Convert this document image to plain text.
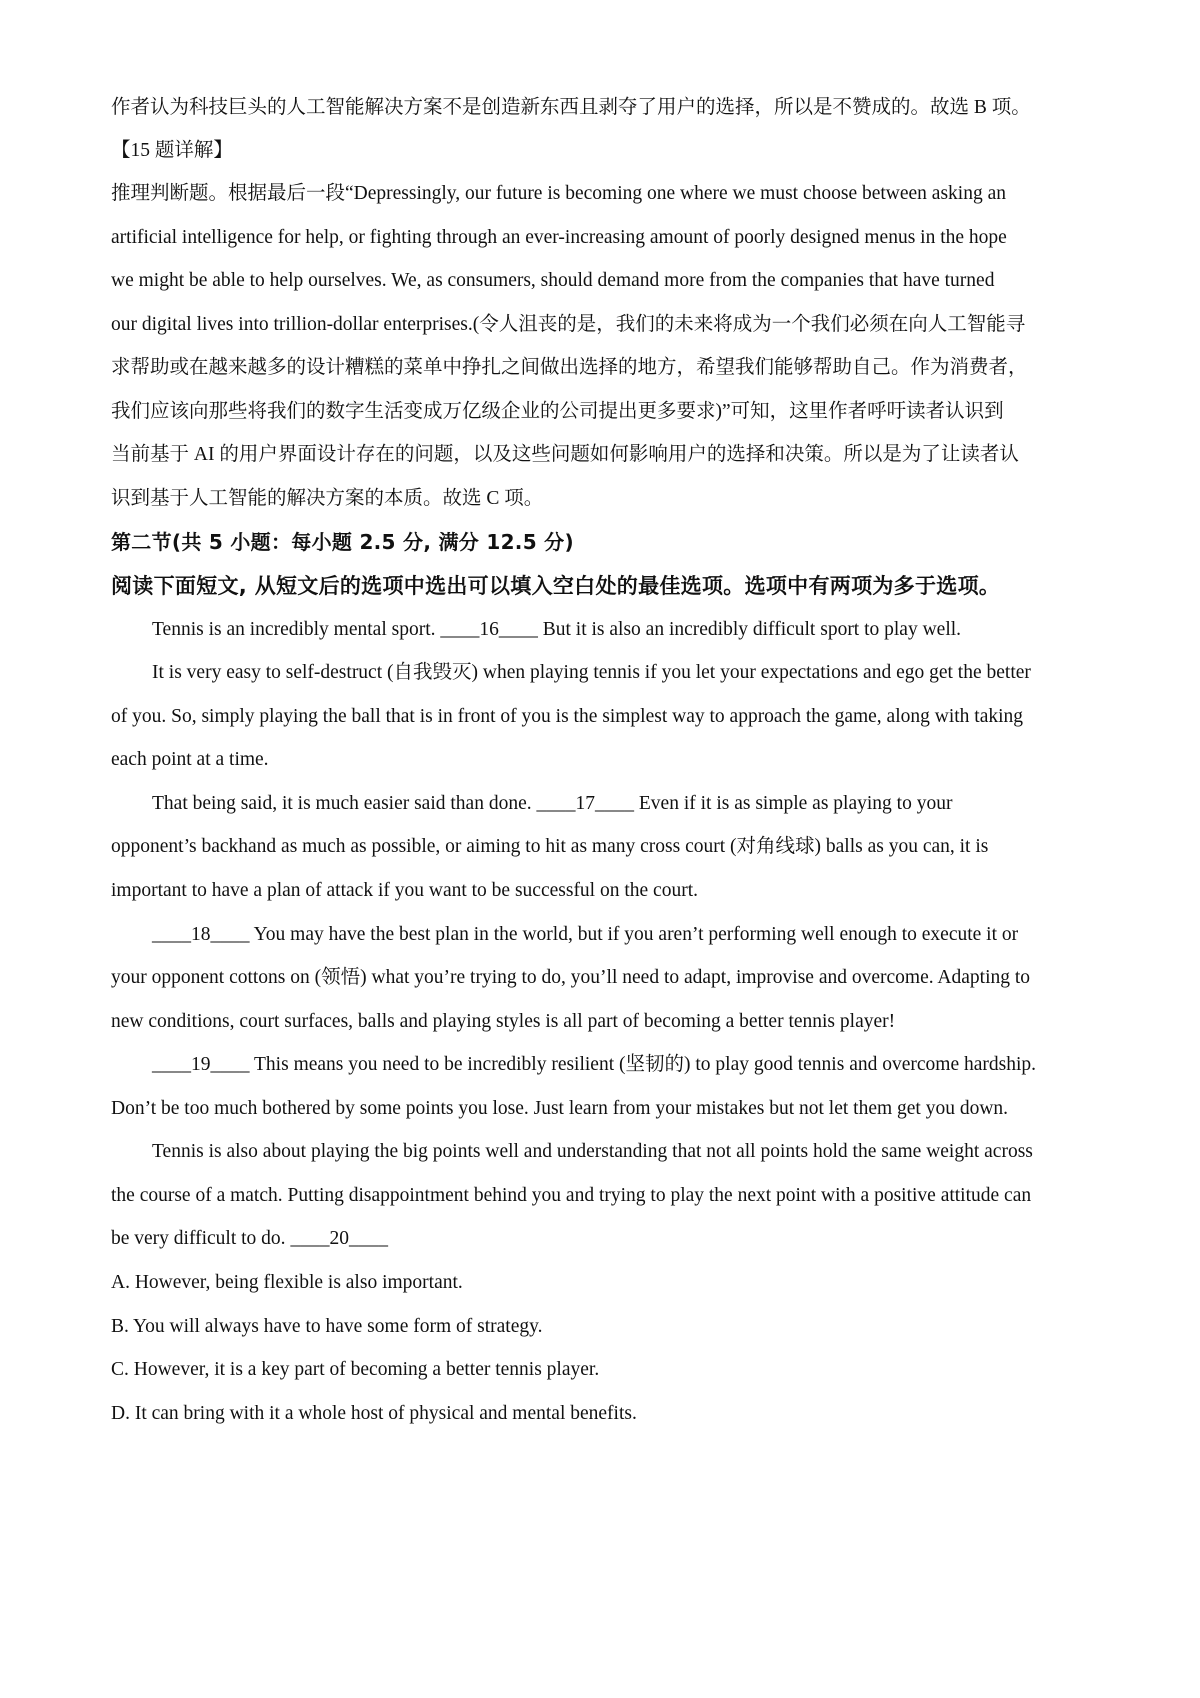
作者认为科技巨头的人工智能解决方案不是创造新东西且剥夺了用户的选择，所以是不赞成的。故选 B 项。
【15 题详解】
推理判断题。根据最后一段“Depressingly, our future is becoming one where we must choose between asking an
artificial intelligence for help, or fighting through an ever-increasing amount of poorly designed menus in the hope
we might be able to help ourselves. We, as consumers, should demand more from the companies that have turned
our digital lives into trillion-dollar enterprises.(令人沮丧的是，我们的未来将成为一个我们必须在向人工智能寻
求帮助或在越来越多的设计糟糕的菜单中挣扎之间做出选择的地方，希望我们能够帮助自己。作为消费者，
我们应该向那些将我们的数字生活变成万亿级企业的公司提出更多要求)”可知，这里作者呼吁读者认识到
当前基于 AI 的用户界面设计存在的问题，以及这些问题如何影响用户的选择和决策。所以是为了让读者认
识到基于人工智能的解决方案的本质。故选 C 项。
第二节(共 5 小题：每小题 2.5 分, 满分 12.5 分)
阅读下面短文, 从短文后的选项中选出可以填入空白处的最佳选项。选项中有两项为多于选项。
Tennis is an incredibly mental sport. ____16____ But it is also an incredibly difficult sport to play well.
It is very easy to self-destruct (自我毁灭) when playing tennis if you let your expectations and ego get the better
of you. So, simply playing the ball that is in front of you is the simplest way to approach the game, along with taking
each point at a time.
That being said, it is much easier said than done. ____17____ Even if it is as simple as playing to your
opponent’s backhand as much as possible, or aiming to hit as many cross court (对角线球) balls as you can, it is
important to have a plan of attack if you want to be successful on the court.
____18____ You may have the best plan in the world, but if you aren’t performing well enough to execute it or
your opponent cottons on (领悟) what you’re trying to do, you’ll need to adapt, improvise and overcome. Adapting to
new conditions, court surfaces, balls and playing styles is all part of becoming a better tennis player!
____19____ This means you need to be incredibly resilient (坚韧的) to play good tennis and overcome hardship.
Don’t be too much bothered by some points you lose. Just learn from your mistakes but not let them get you down.
Tennis is also about playing the big points well and understanding that not all points hold the same weight across
the course of a match. Putting disappointment behind you and trying to play the next point with a positive attitude can
be very difficult to do. ____20____
A. However, being flexible is also important.
B. You will always have to have some form of strategy.
C. However, it is a key part of becoming a better tennis player.
D. It can bring with it a whole host of physical and mental benefits.
